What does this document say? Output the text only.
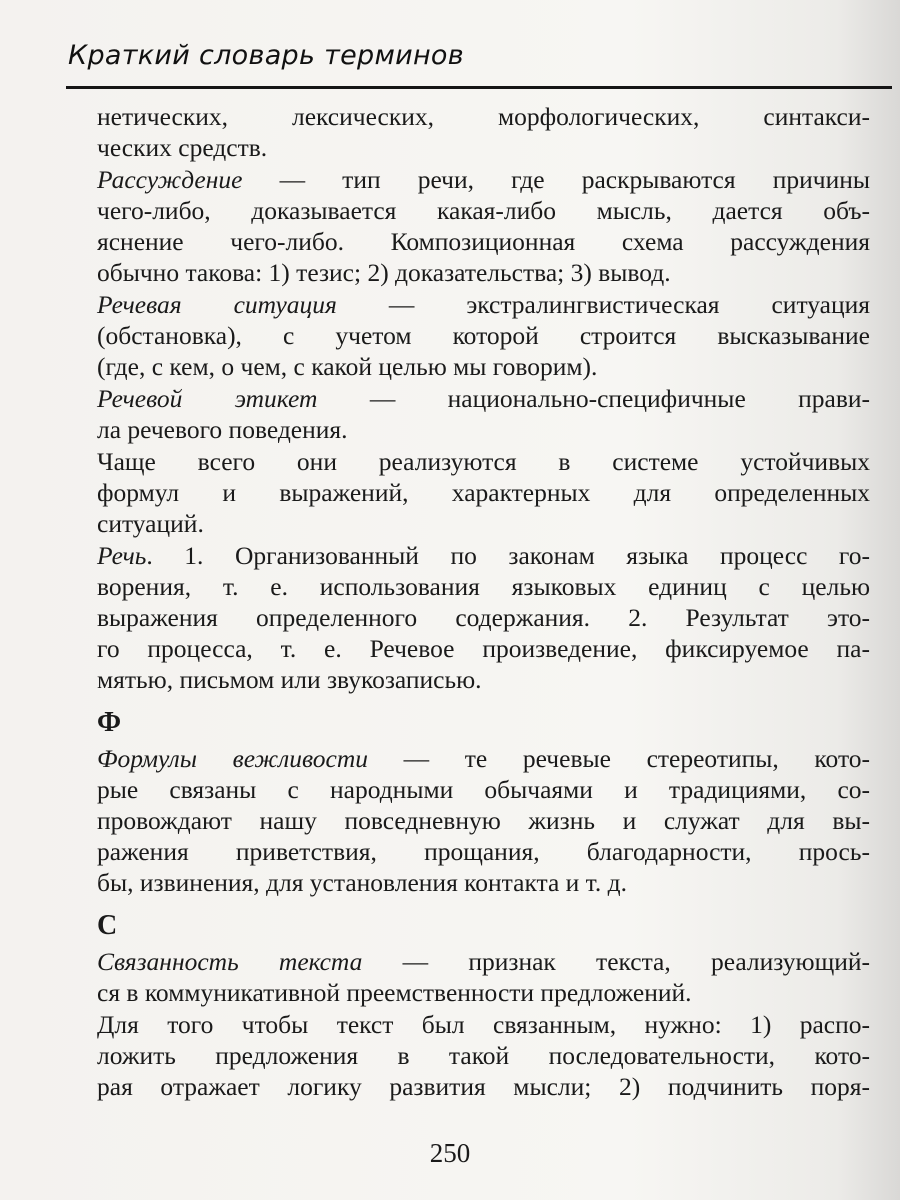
Краткий словарь терминов
нетических, лексических, морфологических, синтакси-
ческих средств.
Рассуждение — тип речи, где раскрываются причины
чего-либо, доказывается какая-либо мысль, дается объ-
яснение чего-либо. Композиционная схема рассуждения
обычно такова: 1) тезис; 2) доказательства; 3) вывод.
Речевая ситуация — экстралингвистическая ситуация
(обстановка), с учетом которой строится высказывание
(где, с кем, о чем, с какой целью мы говорим).
Речевой этикет — национально-специфичные прави-
ла речевого поведения.
Чаще всего они реализуются в системе устойчивых
формул и выражений, характерных для определенных
ситуаций.
Речь. 1. Организованный по законам языка процесс го-
ворения, т. е. использования языковых единиц с целью
выражения определенного содержания. 2. Результат это-
го процесса, т. е. Речевое произведение, фиксируемое па-
мятью, письмом или звукозаписью.
Ф
Формулы вежливости — те речевые стереотипы, кото-
рые связаны с народными обычаями и традициями, со-
провождают нашу повседневную жизнь и служат для вы-
ражения приветствия, прощания, благодарности, прось-
бы, извинения, для установления контакта и т. д.
С
Связанность текста — признак текста, реализующий-
ся в коммуникативной преемственности предложений.
Для того чтобы текст был связанным, нужно: 1) распо-
ложить предложения в такой последовательности, кото-
рая отражает логику развития мысли; 2) подчинить поря-
250
